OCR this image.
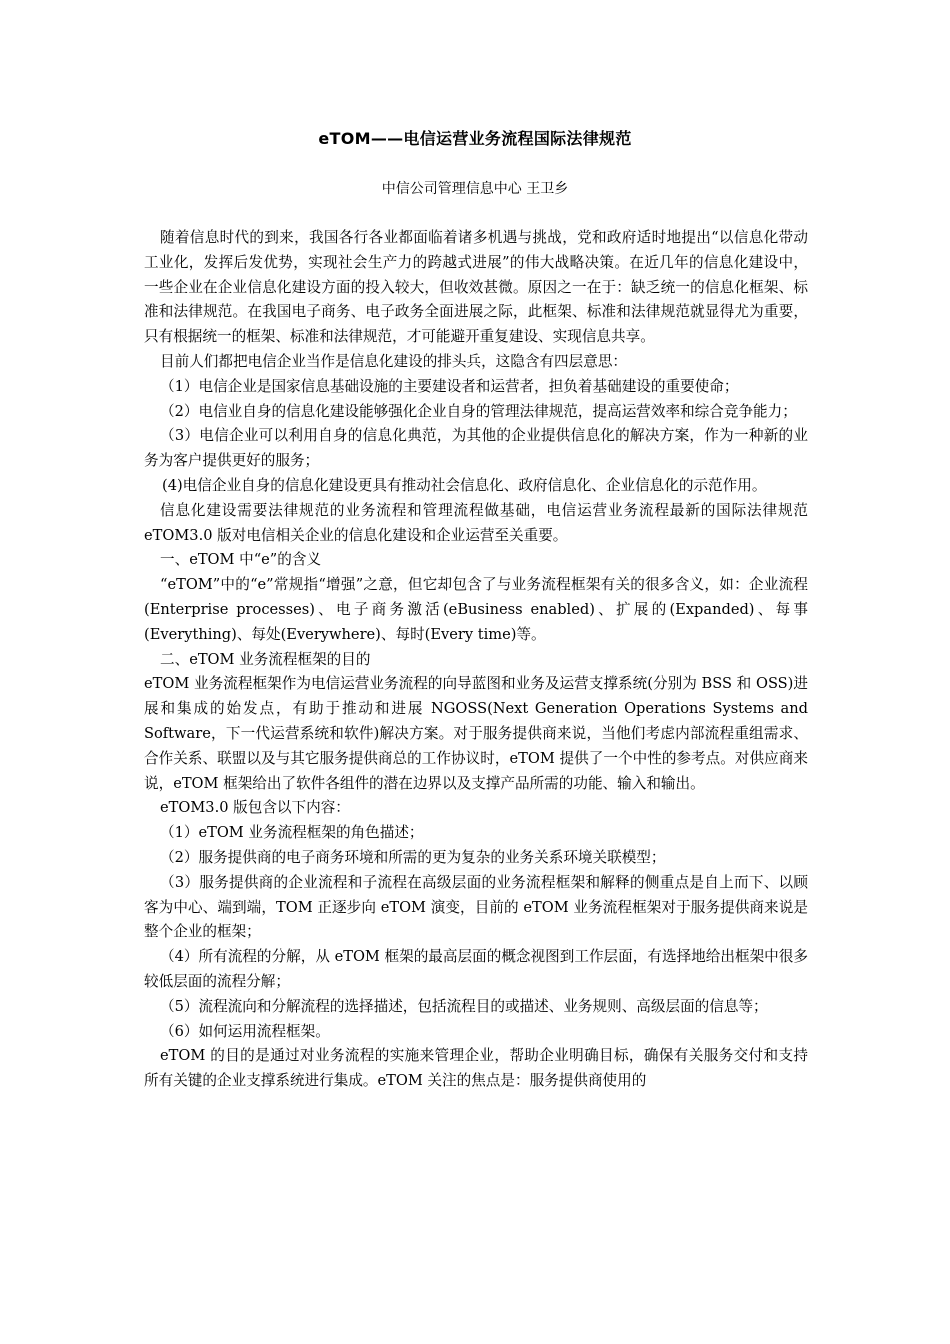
eTOM——电信运营业务流程国际法律规范
中信公司管理信息中心 王卫乡

随着信息时代的到来，我国各行各业都面临着诸多机遇与挑战，党和政府适时地提出“以信息化带动工业化，发挥后发优势，实现社会生产力的跨越式进展”的伟大战略决策。在近几年的信息化建设中，一些企业在企业信息化建设方面的投入较大，但收效甚微。原因之一在于：缺乏统一的信息化框架、标准和法律规范。在我国电子商务、电子政务全面进展之际，此框架、标准和法律规范就显得尤为重要，只有根据统一的框架、标准和法律规范，才可能避开重复建设、实现信息共享。

目前人们都把电信企业当作是信息化建设的排头兵，这隐含有四层意思：

（1）电信企业是国家信息基础设施的主要建设者和运营者，担负着基础建设的重要使命；

（2）电信业自身的信息化建设能够强化企业自身的管理法律规范，提高运营效率和综合竞争能力；

（3）电信企业可以利用自身的信息化典范，为其他的企业提供信息化的解决方案，作为一种新的业务为客户提供更好的服务；

(4)电信企业自身的信息化建设更具有推动社会信息化、政府信息化、企业信息化的示范作用。

信息化建设需要法律规范的业务流程和管理流程做基础，电信运营业务流程最新的国际法律规范 eTOM3.0 版对电信相关企业的信息化建设和企业运营至关重要。

一、eTOM 中“e”的含义

“eTOM”中的“e”常规指“增强”之意，但它却包含了与业务流程框架有关的很多含义，如：企业流程(Enterprise processes)、电子商务激活(eBusiness enabled)、扩展的(Expanded)、每事(Everything)、每处(Everywhere)、每时(Every time)等。

二、eTOM 业务流程框架的目的

eTOM 业务流程框架作为电信运营业务流程的向导蓝图和业务及运营支撑系统(分别为 BSS 和 OSS)进展和集成的始发点，有助于推动和进展 NGOSS(Next Generation Operations Systems and Software，下一代运营系统和软件)解决方案。对于服务提供商来说，当他们考虑内部流程重组需求、合作关系、联盟以及与其它服务提供商总的工作协议时，eTOM 提供了一个中性的参考点。对供应商来说，eTOM 框架给出了软件各组件的潜在边界以及支撑产品所需的功能、输入和输出。

eTOM3.0 版包含以下内容：

（1）eTOM 业务流程框架的角色描述；

（2）服务提供商的电子商务环境和所需的更为复杂的业务关系环境关联模型；

（3）服务提供商的企业流程和子流程在高级层面的业务流程框架和解释的侧重点是自上而下、以顾客为中心、端到端，TOM 正逐步向 eTOM 演变，目前的 eTOM 业务流程框架对于服务提供商来说是整个企业的框架；

（4）所有流程的分解，从 eTOM 框架的最高层面的概念视图到工作层面，有选择地给出框架中很多较低层面的流程分解；

（5）流程流向和分解流程的选择描述，包括流程目的或描述、业务规则、高级层面的信息等；

（6）如何运用流程框架。

eTOM 的目的是通过对业务流程的实施来管理企业，帮助企业明确目标，确保有关服务交付和支持所有关键的企业支撑系统进行集成。eTOM 关注的焦点是：服务提供商使用的
